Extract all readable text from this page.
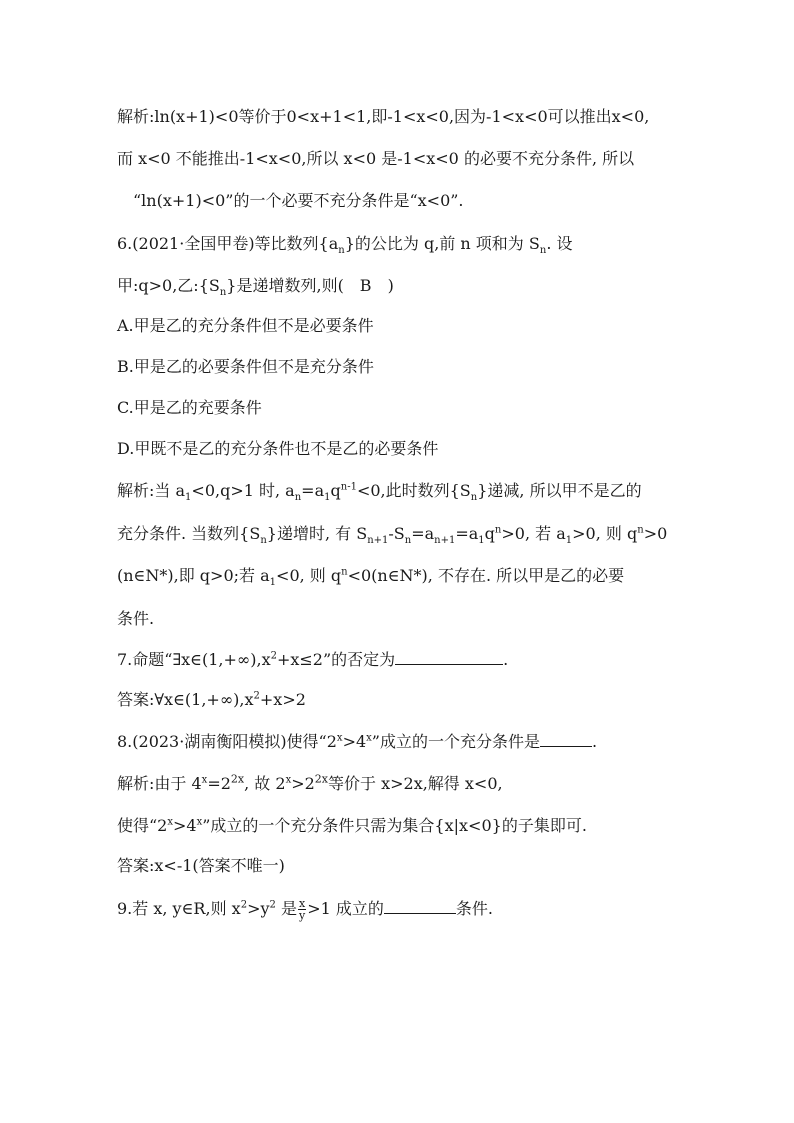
解析:ln(x+1)<0等价于0<x+1<1,即-1<x<0,因为-1<x<0可以推出x<0,
而 x<0 不能推出-1<x<0,所以 x<0 是-1<x<0 的必要不充分条件, 所以
“ln(x+1)<0”的一个必要不充分条件是“x<0”.
6.(2021·全国甲卷)等比数列$\{a_n\}$的公比为 q,前 n 项和为 $S_n$. 设
甲:q>0,乙$:\{S_n\}$是递增数列,则(　B　)
A.甲是乙的充分条件但不是必要条件
B.甲是乙的必要条件但不是充分条件
C.甲是乙的充要条件
D.甲既不是乙的充分条件也不是乙的必要条件
解析:当 $a_1<0,q>1$ 时, $a_n=a_1q^{n-1}<0$,此时数列$\{S_n\}$递减, 所以甲不是乙的
充分条件. 当数列$\{S_n\}$递增时, 有 $S_{n+1}-S_n=a_{n+1}=a_1q^n>0$, 若 $a_1>0$, 则 $q^n>0$
(n∈N*),即 q>0;若 $a_1<0$, 则 $q^n<0(n\in N*)$, 不存在. 所以甲是乙的必要
条件.
7.命题“$\exists x\in(1,+\infty),x^2+x\le 2$”的否定为	.
答案$:\forall x\in(1,+\infty),x^2+x>2$
8.(2023·湖南衡阳模拟)使得“$2^x>4^x$”成立的一个充分条件是	.
解析:由于 $4^x=2^{2x}$, 故 $2^x>2^{2x}$等价于 x>2x,解得 x<0,
使得“$2^x>4^x$”成立的一个充分条件只需为集合{x|x<0}的子集即可.
答案:x<-1(答案不唯一)
9.若 x, y∈R,则 $x^2>y^2$ 是 $\frac{x}{y} >1$ 成立的	条件.
